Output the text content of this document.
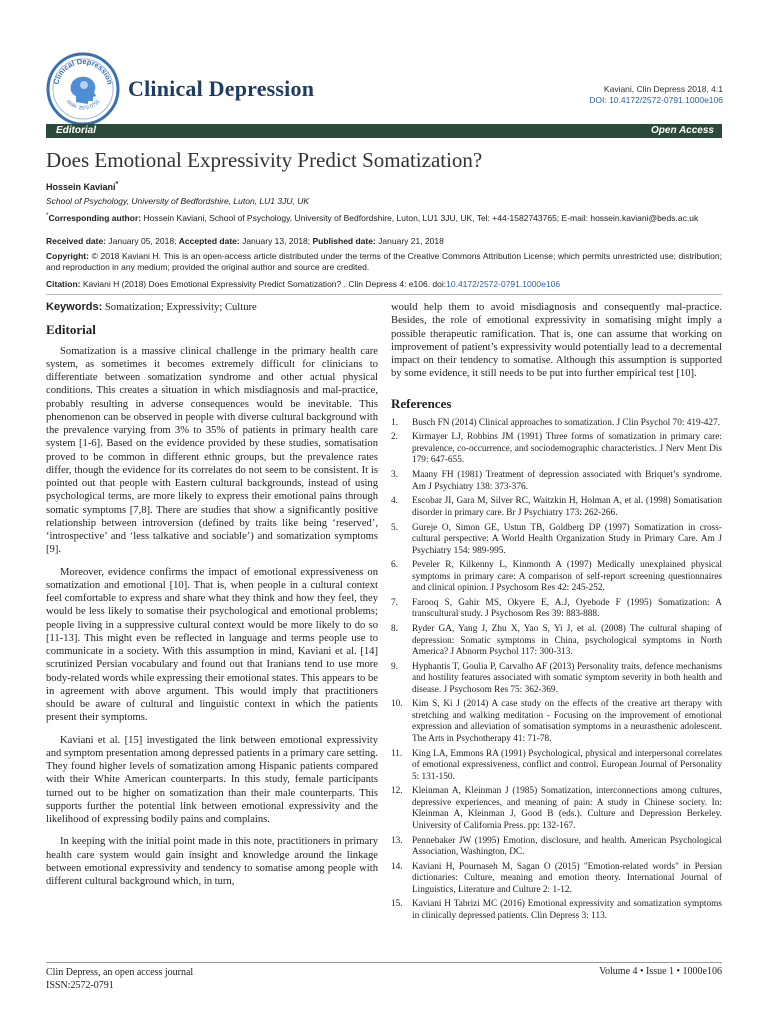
Clinical Depression
ISSN: 2572-0791
Clinical Depression	Kaviani, Clin Depress 2018, 4:1
DOI: 10.4172/2572-0791.1000e106
Editorial	Open Access
Does Emotional Expressivity Predict Somatization?
Hossein Kaviani*
School of Psychology, University of Bedfordshire, Luton, LU1 3JU, UK
*Corresponding author: Hossein Kaviani, School of Psychology, University of Bedfordshire, Luton, LU1 3JU, UK, Tel: +44-1582743765; E-mail: hossein.kaviani@beds.ac.uk
Received date: January 05, 2018; Accepted date: January 13, 2018; Published date: January 21, 2018
Copyright: © 2018 Kaviani H. This is an open-access article distributed under the terms of the Creative Commons Attribution License; which permits unrestricted use; distribution; and reproduction in any medium; provided the original author and source are credited.
Citation: Kaviani H (2018) Does Emotional Expressivity Predict Somatization? . Clin Depress 4: e106. doi:10.4172/2572-0791.1000e106
Keywords: Somatization; Expressivity; Culture
Editorial

Somatization is a massive clinical challenge in the primary health care system, as sometimes it becomes extremely difficult for clinicians to differentiate between somatization syndrome and other actual physical conditions. This creates a situation in which misdiagnosis and mal-practice, probably resulting in adverse consequences would be inevitable. This phenomenon can be observed in people with diverse cultural background with the prevalence varying from 3% to 35% of patients in primary health care system [1-6]. Based on the evidence provided by these studies, somatisation proved to be common in different ethnic groups, but the prevalence rates differ, though the evidence for its correlates do not seem to be consistent. It is pointed out that people with Eastern cultural backgrounds, instead of using psychological terms, are more likely to express their emotional pains through somatic symptoms [7,8]. There are studies that show a significantly positive relationship between introversion (defined by traits like being ‘reserved’, ‘introspective’ and ‘less talkative and sociable’) and somatization symptoms [9].

Moreover, evidence confirms the impact of emotional expressiveness on somatization and emotional [10]. That is, when people in a cultural context feel comfortable to express and share what they think and how they feel, they would be less likely to somatise their psychological and emotional problems; people living in a suppressive cultural context would be more likely to do so [11-13]. This might even be reflected in language and terms people use to communicate in a society. With this assumption in mind, Kaviani et al. [14] scrutinized Persian vocabulary and found out that Iranians tend to use more body-related words while expressing their emotional states. This appears to be in agreement with above argument. This would imply that practitioners should be aware of cultural and linguistic context in which the patients present their symptoms.

Kaviani et al. [15] investigated the link between emotional expressivity and symptom presentation among depressed patients in a primary care setting. They found higher levels of somatization among Hispanic patients compared with their White American counterparts. In this study, female participants turned out to be higher on somatization than their male counterparts. This supports further the potential link between emotional expressivity and the likelihood of expressing bodily pains and complains.

In keeping with the initial point made in this note, practitioners in primary health care system would gain insight and knowledge around the linkage between emotional expressivity and tendency to somatise among people with different cultural background which, in turn,

would help them to avoid misdiagnosis and consequently mal-practice. Besides, the role of emotional expressivity in somatising might imply a possible therapeutic ramification. That is, one can assume that working on improvement of patient’s expressivity would potentially lead to a decremental impact on their tendency to somatise. Although this assumption is supported by some evidence, it still needs to be put into further empirical test [10].

References
1. Busch FN (2014) Clinical approaches to somatization. J Clin Psychol 70: 419-427.
2. Kirmayer LJ, Robbins JM (1991) Three forms of somatization in primary care: prevalence, co-occurrence, and sociodemographic characteristics. J Nerv Ment Dis 179: 647-655.
3. Maany FH (1981) Treatment of depression associated with Briquet’s syndrome. Am J Psychiatry 138: 373-376.
4. Escobar JI, Gara M, Silver RC, Waitzkin H, Holman A, et al. (1998) Somatisation disorder in primary care. Br J Psychiatry 173: 262-266.
5. Gureje O, Simon GE, Ustun TB, Goldberg DP (1997) Somatization in cross-cultural perspective: A World Health Organization Study in Primary Care. Am J Psychiatry 154: 989-995.
6. Peveler R, Kilkenny L, Kinmonth A (1997) Medically unexplained physical symptoms in primary care: A comparison of self-report screening questionnaires and clinical opinion. J Psychosom Res 42: 245-252.
7. Farooq S, Gahir MS, Okyere E, A.J, Oyebode F (1995) Somatization: A transcultural study. J Psychosom Res 39: 883-888.
8. Ryder GA, Yang J, Zhu X, Yao S, Yi J, et al. (2008) The cultural shaping of depression: Somatic symptoms in China, psychological symptoms in North America? J Abnorm Psychol 117: 300-313.
9. Hyphantis T, Goulia P, Carvalho AF (2013) Personality traits, defence mechanisms and hostility features associated with somatic symptom severity in both health and disease. J Psychosom Res 75: 362-369.
10. Kim S, Ki J (2014) A case study on the effects of the creative art therapy with stretching and walking meditation - Focusing on the improvement of emotional expression and alleviation of somatisation symptoms in a neurasthenic adolescent. The Arts in Psychotherapy 41: 71-78.
11. King LA, Emmons RA (1991) Psychological, physical and interpersonal correlates of emotional expressiveness, conflict and control. European Journal of Personality 5: 131-150.
12. Kleinman A, Kleinman J (1985) Somatization, interconnections among cultures, depressive experiences, and meaning of pain: A study in Chinese society. In: Kleinman A, Kleinman J, Good B (eds.). Culture and Depression Berkeley. University of California Press. pp: 132-167.
13. Pennebaker JW (1995) Emotion, disclosure, and health. American Psychological Association, Washington, DC.
14. Kaviani H, Pournaseh M, Sagan O (2015) "Emotion-related words" in Persian dictionaries: Culture, meaning and emotion theory. International Journal of Linguistics, Literature and Culture 2: 1-12.
15. Kaviani H Tabrizi MC (2016) Emotional expressivity and somatization symptoms in clinically depressed patients. Clin Depress 3: 113.
Clin Depress, an open access journal
ISSN:2572-0791
Volume 4 • Issue 1 • 1000e106
